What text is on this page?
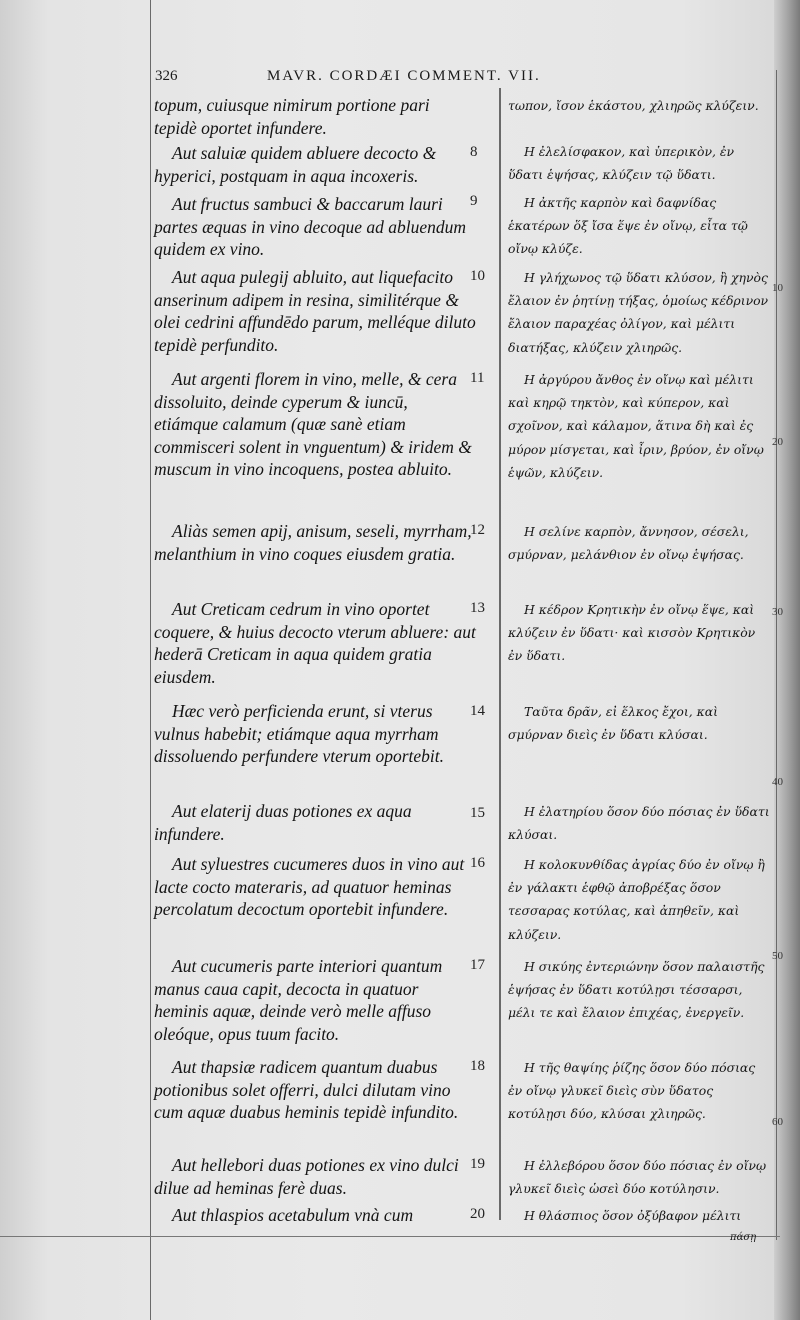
326	MAVR. CORDÆI COMMENT. VII.

topum, cuiusque nimirum portione pari tepidè oportet infundere.

Aut saluiæ quidem abluere decocto & hyperici, postquam in aqua incoxeris.

Aut fructus sambuci & baccarum lauri partes æquas in vino decoque ad abluendum quidem ex vino.

Aut aqua pulegij abluito, aut liquefacito anserinum adipem in resina, similitérque & olei cedrini affundēdo parum, melléque diluto tepidè perfundito.

Aut argenti florem in vino, melle, & cera dissoluito, deinde cyperum & iuncū, etiámque calamum (quæ sanè etiam commisceri solent in vnguentum) & iridem & muscum in vino incoquens, postea abluito.

Aliàs semen apij, anisum, seseli, myrrham, melanthium in vino coques eiusdem gratia.

Aut Creticam cedrum in vino oportet coquere, & huius decocto vterum abluere: aut hederā Creticam in aqua quidem gratia eiusdem.

Hæc verò perficienda erunt, si vterus vulnus habebit; etiámque aqua myrrham dissoluendo perfundere vterum oportebit.

Aut elaterij duas potiones ex aqua infundere.

Aut syluestres cucumeres duos in vino aut lacte cocto materaris, ad quatuor heminas percolatum decoctum oportebit infundere.

Aut cucumeris parte interiori quantum manus caua capit, decocta in quatuor heminis aquæ, deinde verò melle affuso oleóque, opus tuum facito.

Aut thapsiæ radicem quantum duabus potionibus solet offerri, dulci dilutam vino cum aquæ duabus heminis tepidè infundito.

Aut hellebori duas potiones ex vino dulci dilue ad heminas ferè duas.

Aut thlaspios acetabulum vnà cum

8
9
10
11
12
13
14
15
16
17
18
19
20

τωπον, ἴσον ἑκάστου, χλιηρῶς κλύζειν.

Η ἐλελίσφακον, καὶ ὑπερικὸν, ἐν ὕδατι ἑψήσας, κλύζειν τῷ ὕδατι.

Η ἀκτῆς καρπὸν καὶ δαφνίδας ἑκατέρων ὅξ ἴσα ἕψε ἐν οἴνῳ, εἶτα τῷ οἴνῳ κλύζε.

Η γλήχωνος τῷ ὕδατι κλύσον, ἢ χηνὸς ἔλαιον ἐν ῥητίνῃ τήξας, ὁμοίως κέδρινον ἔλαιον παραχέας ὀλίγον, καὶ μέλιτι διατήξας, κλύζειν χλιηρῶς.

Η ἀργύρου ἄνθος ἐν οἴνῳ καὶ μέλιτι καὶ κηρῷ τηκτὸν, καὶ κύπερον, καὶ σχοῖνον, καὶ κάλαμον, ἅτινα δὴ καὶ ἐς μύρον μίσγεται, καὶ ἶριν, βρύον, ἐν οἴνῳ ἑψῶν, κλύζειν.

Η σελίνε καρπὸν, ἄννησον, σέσελι, σμύρναν, μελάνθιον ἐν οἴνῳ ἑψήσας.

Η κέδρον Κρητικὴν ἐν οἴνῳ ἕψε, καὶ κλύζειν ἐν ὕδατι· καὶ κισσὸν Κρητικὸν ἐν ὕδατι.

Ταῦτα δρᾶν, εἰ ἕλκος ἔχοι, καὶ σμύρναν διεὶς ἐν ὕδατι κλύσαι.

Η ἐλατηρίου ὅσον δύο πόσιας ἐν ὕδατι κλύσαι.

Η κολοκυνθίδας ἀγρίας δύο ἐν οἴνῳ ἢ ἐν γάλακτι ἑφθῷ ἀποβρέξας ὅσον τεσσαρας κοτύλας, καὶ ἀπηθεῖν, καὶ κλύζειν.

Η σικύης ἐντεριώνην ὅσον παλαιστῆς ἑψήσας ἐν ὕδατι κοτύλῃσι τέσσαρσι, μέλι τε καὶ ἔλαιον ἐπιχέας, ἐνεργεῖν.

Η τῆς θαψίης ῥίζης ὅσον δύο πόσιας ἐν οἴνῳ γλυκεῖ διεὶς σὺν ὕδατος κοτύλῃσι δύο, κλύσαι χλιηρῶς.

Η ἐλλεβόρου ὅσον δύο πόσιας ἐν οἴνῳ γλυκεῖ διεὶς ὡσεὶ δύο κοτύλησιν.

Η θλάσπιος ὅσον ὀξύβαφον μέλιτι

πάσῃ
10
20
30
40
50
60
